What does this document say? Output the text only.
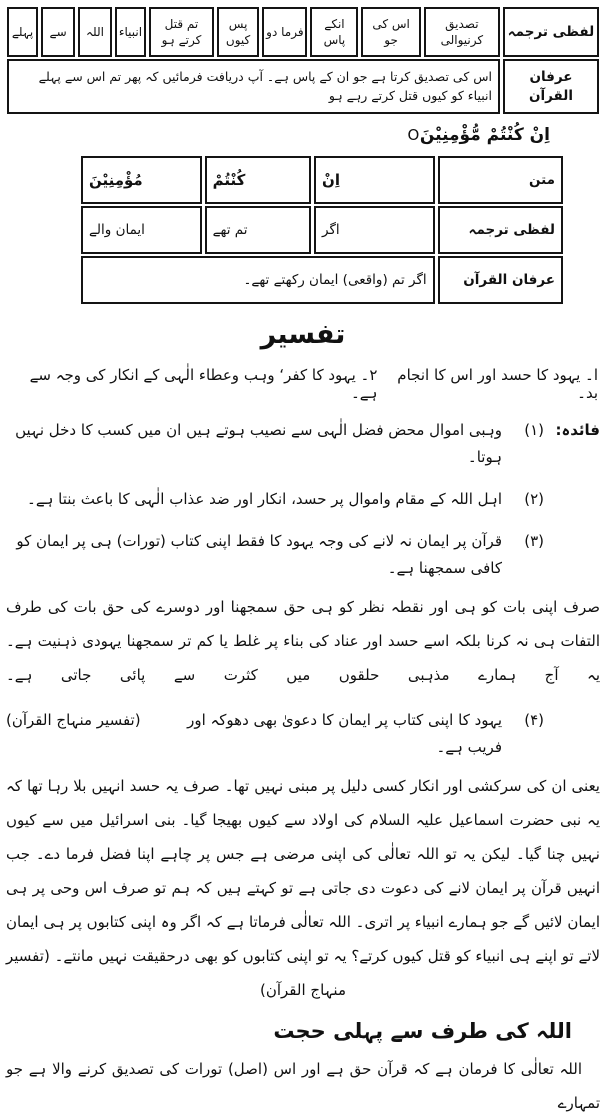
لفظی ترجمہ	تصدیق کرنیوالی	اس کی جو	انکے پاس	فرما دو	پس کیوں	تم قتل کرتے ہو	انبیاء	اللہ	سے	پہلے
عرفان القرآن	اس کی تصدیق کرتا ہے جو ان کے پاس ہے۔ آپ دریافت فرمائیں کہ پھر تم اس سے پہلے انبیاء کو کیوں قتل کرتے رہے ہو									
اِنْ كُنْتُمْ مُّؤْمِنِيْنَO
متن	اِنْ	كُنْتُمْ	مُؤْمِنِيْنَ
لفظی ترجمہ	اگر	تم تھے	ایمان والے
عرفان القرآن	اگر تم (واقعی) ایمان رکھتے تھے۔		
تفسیر
ا۔ یہود کا حسد اور اس کا انجام بد۔
۲۔ یہود کا کفر‘ وہب وعطاء الٰہی کے انکار کی وجہ سے ہے۔
فائدہ:
(۱)
وہبی اموال محض فضل الٰہی سے نصیب ہوتے ہیں ان میں کسب کا دخل نہیں ہوتا۔
(۲)
اہل اللہ کے مقام واموال پر حسد، انکار اور ضد عذاب الٰہی کا باعث بنتا ہے۔
(۳)
قرآن پر ایمان نہ لانے کی وجہ یہود کا فقط اپنی کتاب (تورات) ہی پر ایمان کو کافی سمجھنا ہے۔
صرف اپنی بات کو ہی اور نقطہ نظر کو ہی حق سمجھنا اور دوسرے کی حق بات کی طرف التفات ہی نہ کرنا بلکہ اسے حسد اور عناد کی بناء پر غلط یا کم تر سمجھنا یہودی ذہنیت ہے۔ یہ آج ہمارے مذہبی حلقوں میں کثرت سے پائی جاتی ہے۔
(۴)
یہود کا اپنی کتاب پر ایمان کا دعویٰ بھی دھوکہ اور فریب ہے۔
(تفسیر منہاج القرآن)
یعنی ان کی سرکشی اور انکار کسی دلیل پر مبنی نہیں تھا۔ صرف یہ حسد انہیں بلا رہا تھا کہ یہ نبی حضرت اسماعیل علیہ السلام کی اولاد سے کیوں بھیجا گیا۔ بنی اسرائیل میں سے کیوں نہیں چنا گیا۔ لیکن یہ تو اللہ تعالٰی کی اپنی مرضی ہے جس پر چاہے اپنا فضل فرما دے۔ جب انہیں قرآن پر ایمان لانے کی دعوت دی جاتی ہے تو کہتے ہیں کہ ہم تو صرف اس وحی پر ہی ایمان لائیں گے جو ہمارے انبیاء پر اتری۔ اللہ تعالٰی فرماتا ہے کہ اگر وہ اپنی کتابوں پر ہی ایمان لاتے تو اپنے ہی انبیاء کو قتل کیوں کرتے؟ یہ تو اپنی کتابوں کو بھی درحقیقت نہیں مانتے۔ (تفسیر منہاج القرآن)
اللہ کی طرف سے پہلی حجت
اللہ تعالٰی کا فرمان ہے کہ قرآن حق ہے اور اس (اصل) تورات کی تصدیق کرنے والا ہے جو تمہارے
